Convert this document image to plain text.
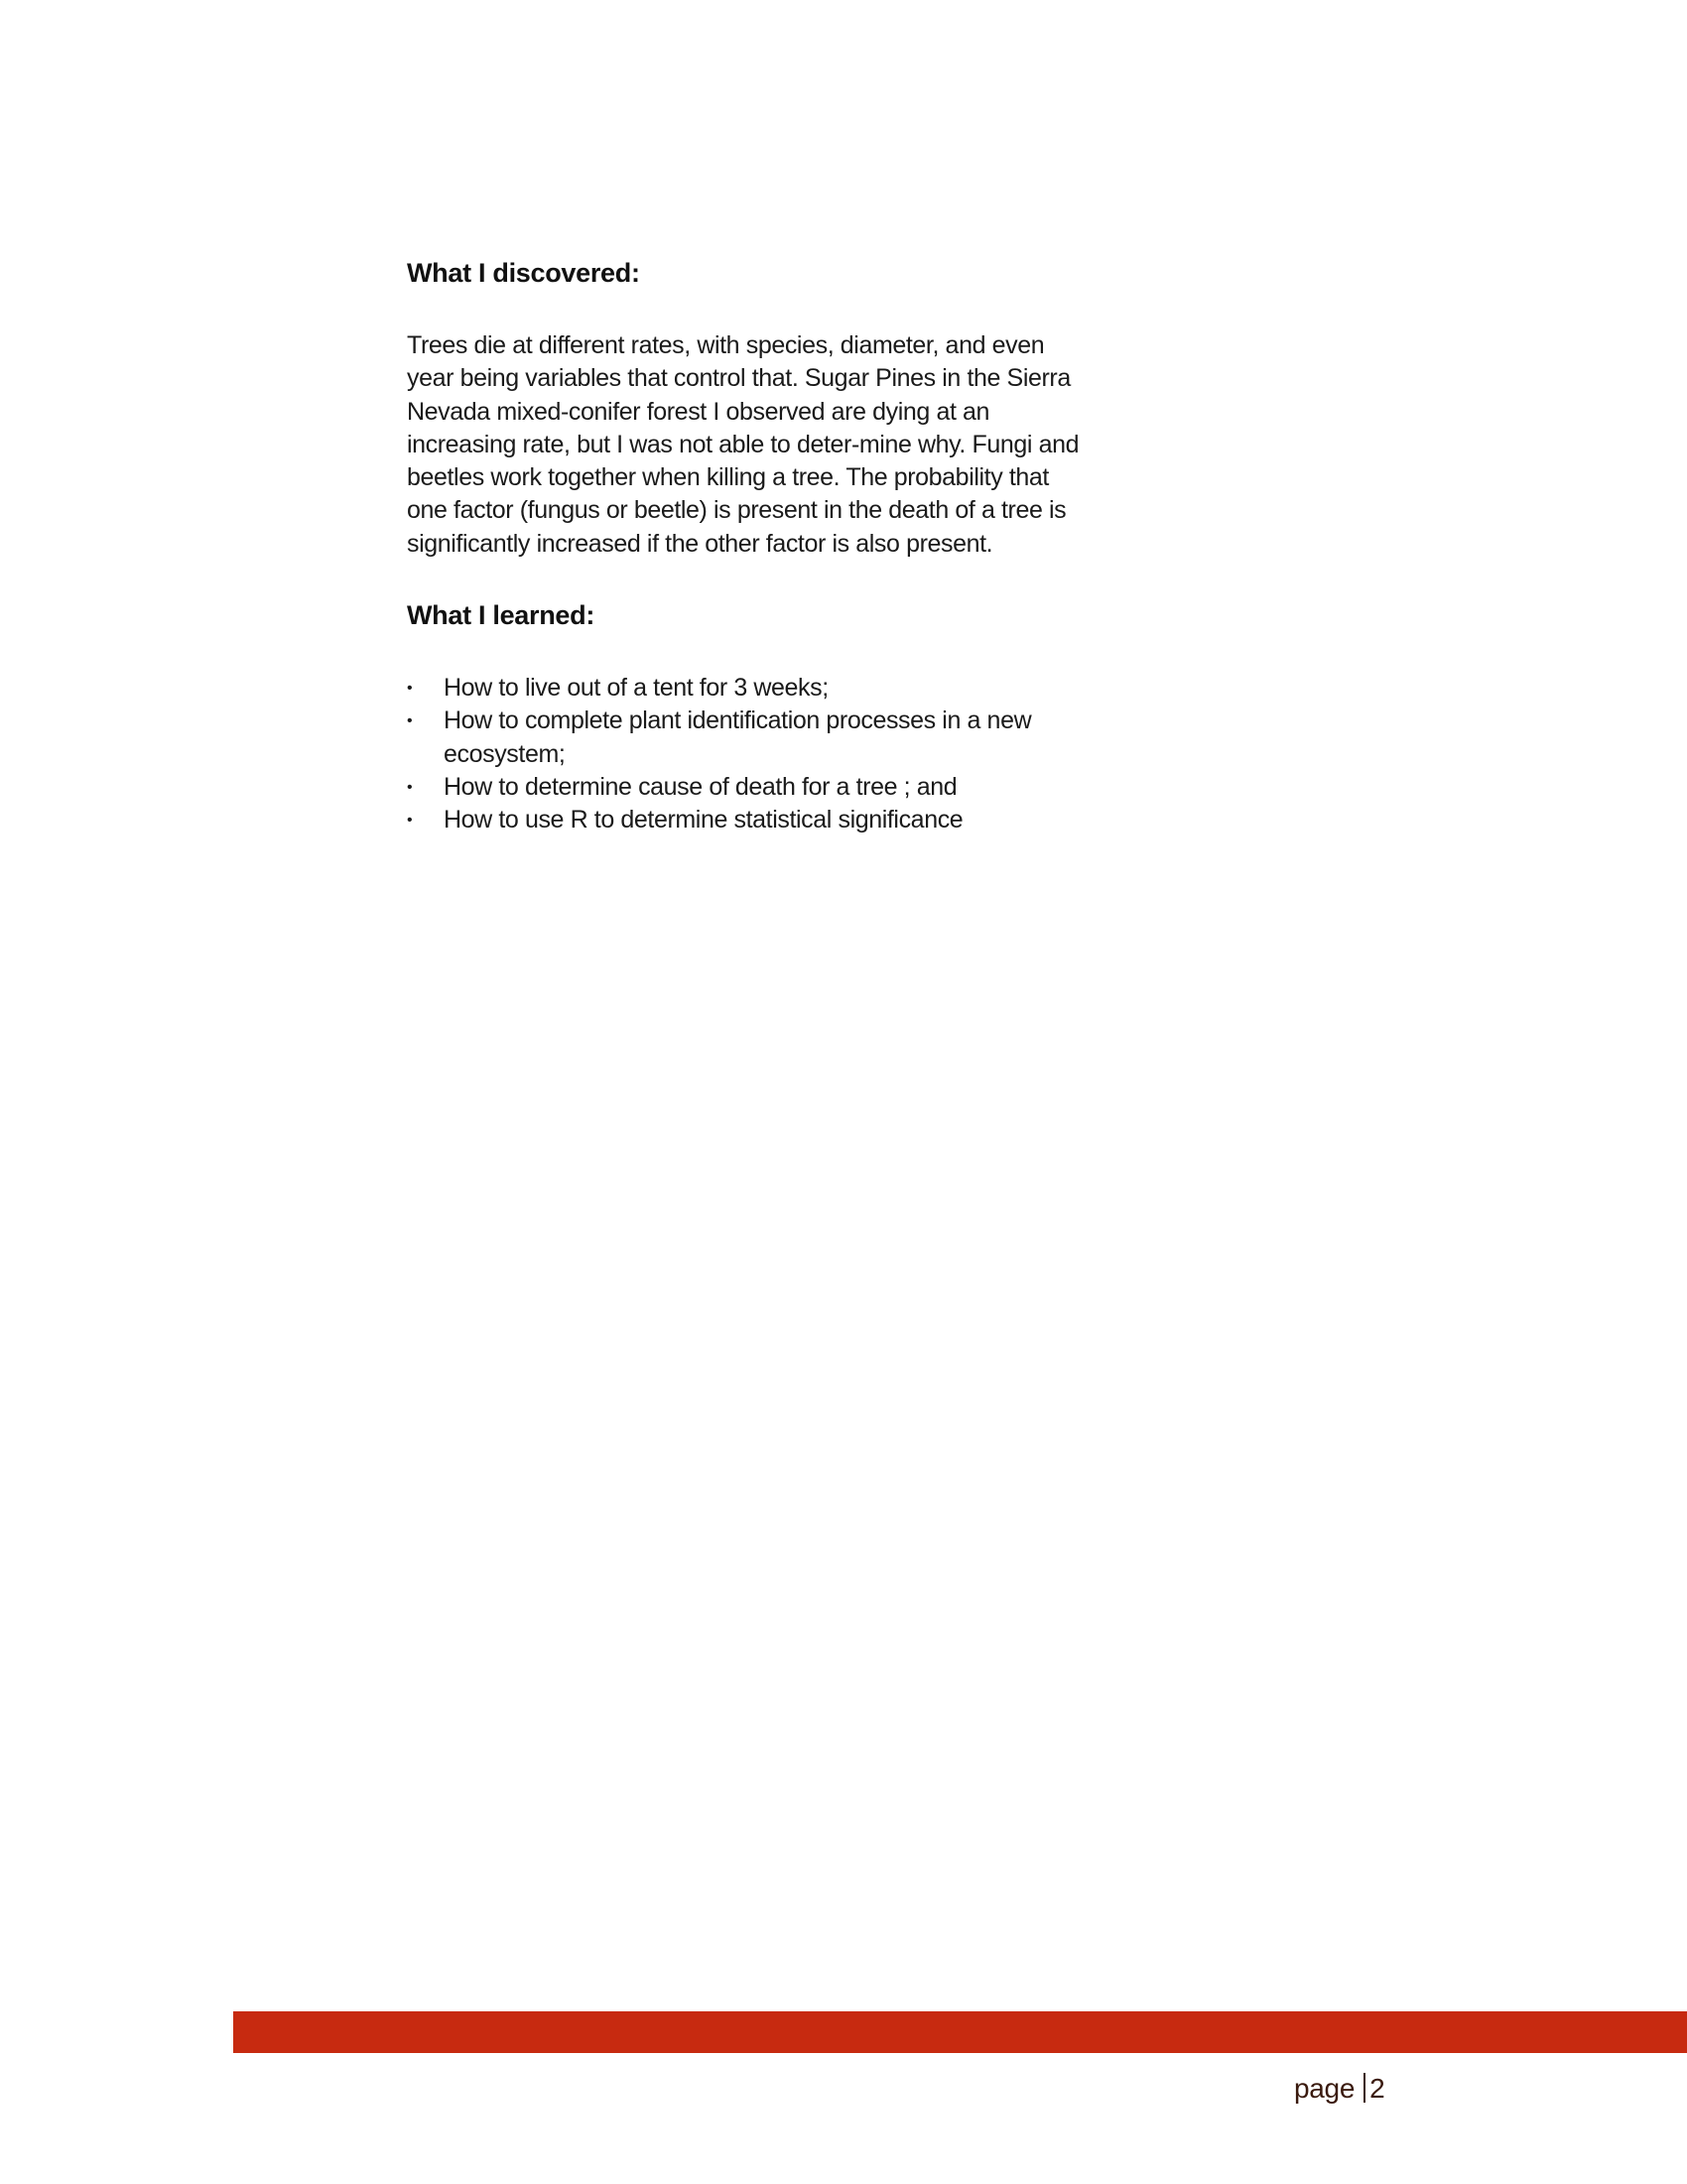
What I discovered:

Trees die at different rates, with species, diameter, and even year being variables that control that. Sugar Pines in the Sierra Nevada mixed-conifer forest I observed are dying at an increasing rate, but I was not able to deter-mine why. Fungi and beetles work together when killing a tree. The probability that one factor (fungus or beetle) is present in the death of a tree is significantly increased if the other factor is also present.

What I learned:
• How to live out of a tent for 3 weeks;
• How to complete plant identification processes in a new ecosystem;
• How to determine cause of death for a tree ; and
• How to use R to determine statistical significance
page 2
